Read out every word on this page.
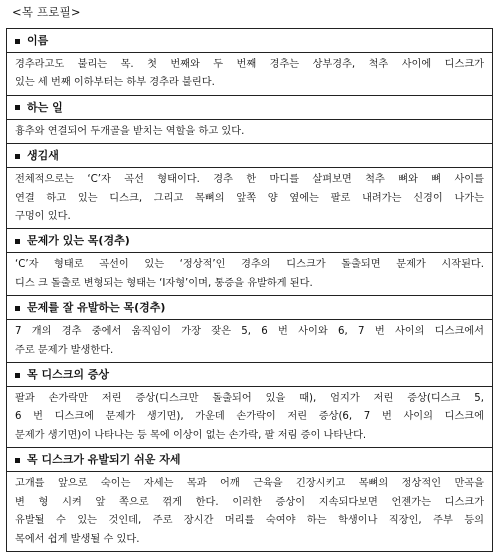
<목 프로필>
이름
경추라고도 불리는 목. 첫 번째와 두 번째 경추는 상부경추, 척추 사이에 디스크가
있는 세 번째 이하부터는 하부 경추라 불린다.
하는 일
흉추와 연결되어 두개골을 받치는 역할을 하고 있다.
생김새
전체적으로는 ‘C’자 곡선 형태이다. 경추 한 마디를 살펴보면 척추 뼈와 뼈 사이를
연결 하고 있는 디스크, 그리고 목뼈의 앞쪽 양 옆에는 팔로 내려가는 신경이 나가는
구멍이 있다.
문제가 있는 목(경추)
‘C’자 형태로 곡선이 있는 ‘정상적’인 경추의 디스크가 돌출되면 문제가 시작된다.
디스 크 돌출로 변형되는 형태는 ‘I자형’이며, 통증을 유발하게 된다.
문제를 잘 유발하는 목(경추)
7 개의 경추 중에서 움직임이 가장 잦은 5, 6 번 사이와 6, 7 번 사이의 디스크에서
주로 문제가 발생한다.
목 디스크의 증상
팔과 손가락만 저린 증상(디스크만 돌출되어 있을 때), 엄지가 저린 증상(디스크 5,
6 번 디스크에 문제가 생기면), 가운데 손가락이 저린 증상(6, 7 번 사이의 디스크에
문제가 생기면)이 나타나는 등 목에 이상이 없는 손가락, 팔 저림 증이 나타난다.
목 디스크가 유발되기 쉬운 자세
고개를 앞으로 숙이는 자세는 목과 어깨 근육을 긴장시키고 목뼈의 정상적인 만곡을
변 형 시켜 앞 쪽으로 꺾게 한다. 이러한 증상이 지속되다보면 언젠가는 디스크가
유발될 수 있는 것인데, 주로 장시간 머리를 숙여야 하는 학생이나 직장인, 주부 등의
목에서 쉽게 발생될 수 있다.
